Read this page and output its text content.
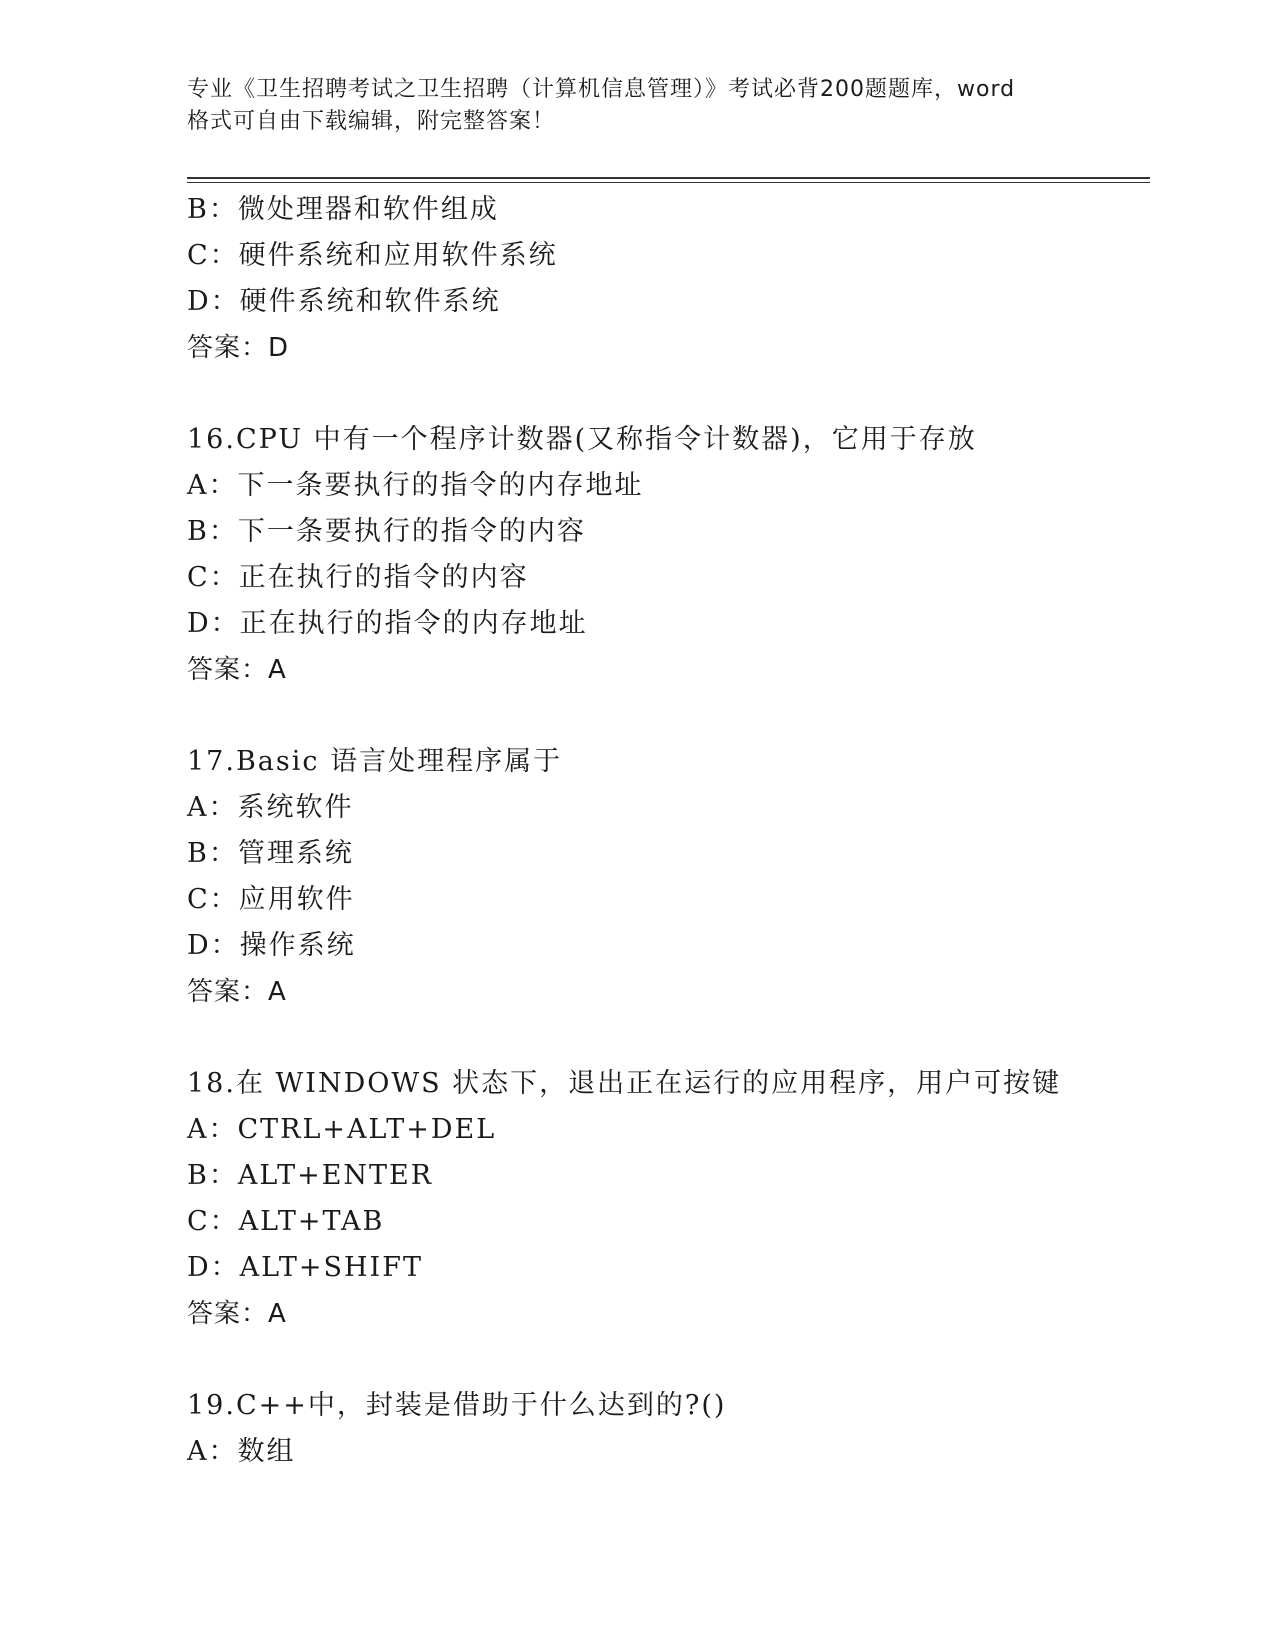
专业《卫生招聘考试之卫生招聘（计算机信息管理）》考试必背200题题库，word
格式可自由下载编辑，附完整答案！
B：微处理器和软件组成
C：硬件系统和应用软件系统
D：硬件系统和软件系统
答案：D
16.CPU 中有一个程序计数器(又称指令计数器)，它用于存放
A：下一条要执行的指令的内存地址
B：下一条要执行的指令的内容
C：正在执行的指令的内容
D：正在执行的指令的内存地址
答案：A
17.Basic 语言处理程序属于
A：系统软件
B：管理系统
C：应用软件
D：操作系统
答案：A
18.在 WINDOWS 状态下，退出正在运行的应用程序，用户可按键
A：CTRL+ALT+DEL
B：ALT+ENTER
C：ALT+TAB
D：ALT+SHIFT
答案：A
19.C++中，封装是借助于什么达到的?()
A：数组
